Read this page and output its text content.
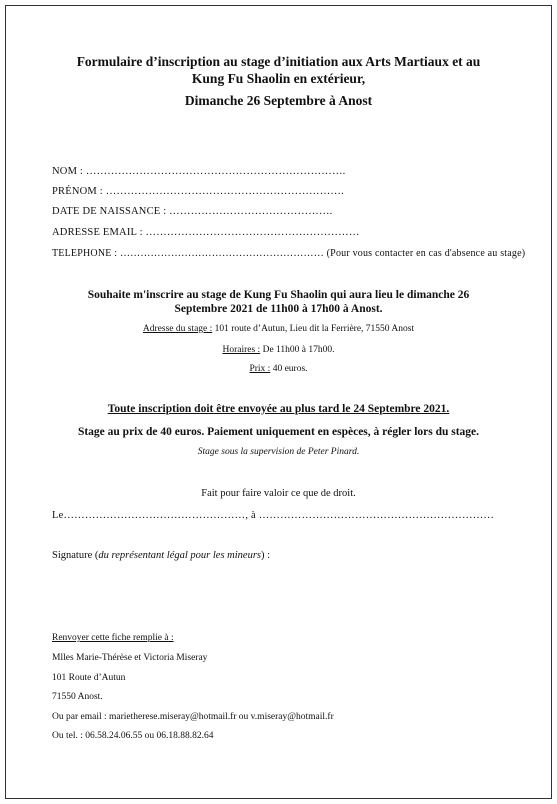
Formulaire d’inscription au stage d’initiation aux Arts Martiaux et au
Kung Fu Shaolin en extérieur,
Dimanche 26 Septembre à Anost
NOM : ……………………………………………………………….
PRÉNOM : ………………………………………………………….
DATE DE NAISSANCE : ……………………………………….
ADRESSE EMAIL : ……………………………………………………
TELEPHONE : …………………………………………………… (Pour vous contacter en cas d'absence au stage)
Souhaite m'inscrire au stage de Kung Fu Shaolin qui aura lieu le dimanche 26
Septembre 2021 de 11h00 à 17h00 à Anost.
Adresse du stage : 101 route d’Autun, Lieu dit la Ferrière, 71550 Anost
Horaires : De 11h00 à 17h00.
Prix : 40 euros.
Toute inscription doit être envoyée au plus tard le 24 Septembre 2021.
Stage au prix de 40 euros. Paiement uniquement en espèces, à régler lors du stage.
Stage sous la supervision de Peter Pinard.
Fait pour faire valoir ce que de droit.
Le……………………………………………, à …………………………………………………………
Signature (du représentant légal pour les mineurs) :
Renvoyer cette fiche remplie à :
Mlles Marie-Thérèse et Victoria Miseray
101 Route d’Autun
71550 Anost.
Ou par email : marietherese.miseray@hotmail.fr ou v.miseray@hotmail.fr
Ou tel. : 06.58.24.06.55 ou 06.18.88.82.64
